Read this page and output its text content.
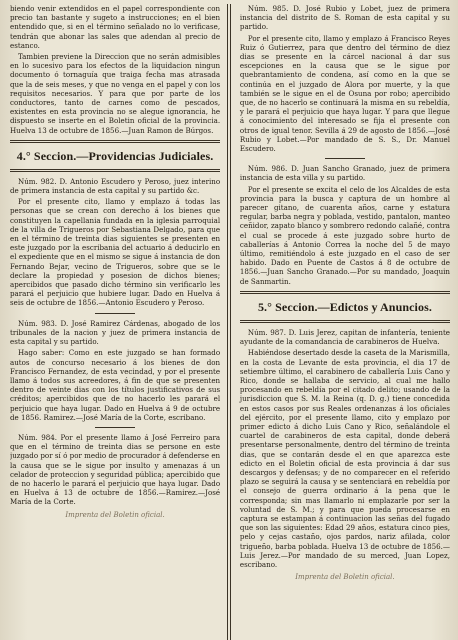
biendo venir extendidos en el papel correspondiente con precio tan bastante y sugeto a instrucciones; en el bien entendido que, si en el término señalado no lo verificase, tendrán que abonar las sales que adendan al precio de estanco.

Tambien previene la Direccion que no serán admisibles en lo sucesivo para los efectos de la liquidacion ningun documento ó tornaguía que traiga fecha mas atrasada que la de seis meses, y que no venga en el papel y con los requisitos necesarios. Y para que por parte de los conductores, tanto de carnes como de pescados, existentes en esta provincia no se alegue ignorancia, he dispuesto se inserte en el Boletin oficial de la provincia. Huelva 13 de octubre de 1856.—Juan Ramon de Búrgos.

4.° Seccion.—Providencias Judiciales.

Núm. 982. D. Antonio Escudero y Peroso, juez interino de primera instancia de esta capital y su partido &c.

Por el presente cito, llamo y emplazo á todas las personas que se crean con derecho á los bienes que constituyen la capellania fundada en la iglesia parroquial de la villa de Trigueros por Sebastiana Delgado, para que en el término de treinta dias siguientes se presenten en este juzgado por la escribania del actuario á deducirlo en el expediente que en el mismo se sigue á instancia de don Fernando Bejar, vecino de Trigueros, sobre que se le declare la propiedad y posesion de dichos bienes; apercibidos que pasado dicho término sin verificarlo les parará el perjuicio que hubiere lugar. Dado en Huelva á seis de octubre de 1856.—Antonio Escudero y Peroso.

Núm. 983. D. José Ramirez Cárdenas, abogado de los tribunales de la nacion y juez de primera instancia de esta capital y su partido.

Hago saber: Como en este juzgado se han formado autos de concurso necesario á los bienes de don Francisco Fernandez, de esta vecindad, y por el presente llamo á todos sus acreedores, á fin de que se presenten dentro de veinte dias con los títulos justificativos de sus créditos; apercibidos que de no hacerlo les parará el perjuicio que haya lugar. Dado en Huelva á 9 de octubre de 1856. Ramirez.—José María de la Corte, escribano.

Núm. 984. Por el presente llamo á José Ferreiro para que en el término de treinta dias se persone en este juzgado por sí ó por medio de procurador á defenderse en la causa que se le sigue por insulto y amenazas á un celador de proteccion y seguridad pública; apercibido que de no hacerlo le parará el perjuicio que haya lugar. Dado en Huelva á 13 de octubre de 1856.—Ramirez.—José María de la Corte.

Imprenta del Boletin oficial.

Núm. 985. D. José Rubio y Lobet, juez de primera instancia del distrito de S. Roman de esta capital y su partido.

Por el presente cito, llamo y emplazo á Francisco Reyes Ruiz ó Gutierrez, para que dentro del término de diez dias se presente en la cárcel nacional á dar sus escepciones en la causa que se le sigue por quebrantamiento de condena, así como en la que se continúa en el juzgado de Alora por muerte, y la que también se le sigue en el de Osuna por robo; apercibido que, de no hacerlo se continuará la misma en su rebeldía, y le parará el perjuicio que haya lugar. Y para que llegue á conocimiento del interesado se fija el presente con otros de igual tenor. Sevilla á 29 de agosto de 1856.—José Rubio y Lobet.—Por mandado de S. S., Dr. Manuel Escudero.

Núm. 986. D. Juan Sancho Granado, juez de primera instancia de esta villa y su partido.

Por el presente se excita el celo de los Alcaldes de esta provincia para la busca y captura de un hombre al parecer gitano, de cuarenta años, carne y estatura regular, barba negra y poblada, vestido, pantalon, manteo ceñidor, zapato blanco y sombrero redondo calañé, contra el cual se procede á este juzgado sobre hurto de caballerías á Antonio Correa la noche del 5 de mayo último, remitiéndolo á este juzgado en el caso de ser habido. Dado en Puente de Castos á 8 de octubre de 1856.—Juan Sancho Granado.—Por su mandado, Joaquin de Sanmartin.

5.° Seccion.—Edictos y Anuncios.

Núm. 987. D. Luis Jerez, capitan de infantería, teniente ayudante de la comandancia de carabineros de Huelva.

Habiéndose desertado desde la caseta de la Marismilla, en la costa de Levante de esta provincia, el dia 17 de setiembre último, el carabinero de caballería Luis Cano y Rico, donde se hallaba de servicio, al cual me hallo procesando en rebeldía por el citado delito; usando de la jurisdiccion que S. M. la Reina (q. D. g.) tiene concedida en estos casos por sus Reales ordenanzas á los oficiales del ejército, por el presente llamo, cito y emplazo por primer edicto á dicho Luis Cano y Rico, señalándole el cuartel de carabineros de esta capital, donde deberá presentarse personalmente, dentro del término de treinta dias, que se contarán desde el en que aparezca este edicto en el Boletin oficial de esta provincia á dar sus descargos y defensas; y de no comparecer en el referido plazo se seguirá la causa y se sentenciará en rebeldía por el consejo de guerra ordinario á la pena que le corresponda; sin mas llamarlo ni emplazarle por ser la voluntad de S. M.; y para que pueda procesarse en captura se estampan á continuacion las señas del fugado que son las siguientes: Edad 29 años, estatura cinco pies, pelo y cejas castaño, ojos pardos, nariz afilada, color trigueño, barba poblada. Huelva 13 de octubre de 1856.—Luis Jerez.—Por mandado de su merced, Juan Lopez, escribano.

Imprenta del Boletin oficial.
